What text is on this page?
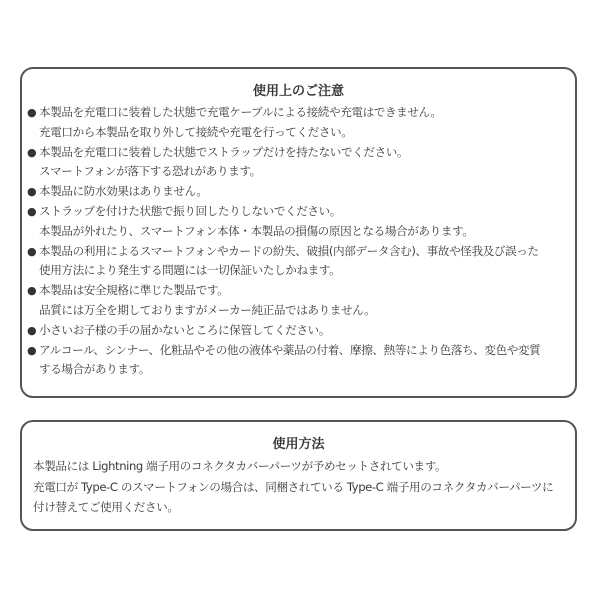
使用上のご注意
● 本製品を充電口に装着した状態で充電ケーブルによる接続や充電はできません。
充電口から本製品を取り外して接続や充電を行ってください。
● 本製品を充電口に装着した状態でストラップだけを持たないでください。
スマートフォンが落下する恐れがあります。
● 本製品に防水効果はありません。
● ストラップを付けた状態で振り回したりしないでください。
本製品が外れたり、スマートフォン本体・本製品の損傷の原因となる場合があります。
● 本製品の利用によるスマートフォンやカードの紛失、破損(内部データ含む)、事故や怪我及び誤った
使用方法により発生する問題には一切保証いたしかねます。
● 本製品は安全規格に準じた製品です。
品質には万全を期しておりますがメーカー純正品ではありません。
● 小さいお子様の手の届かないところに保管してください。
● アルコール、シンナー、化粧品やその他の液体や薬品の付着、摩擦、熱等により色落ち、変色や変質
する場合があります。
使用方法
本製品には Lightning 端子用のコネクタカバーパーツが予めセットされています。
充電口が Type-C のスマートフォンの場合は、同梱されている Type-C 端子用のコネクタカバーパーツに
付け替えてご使用ください。
